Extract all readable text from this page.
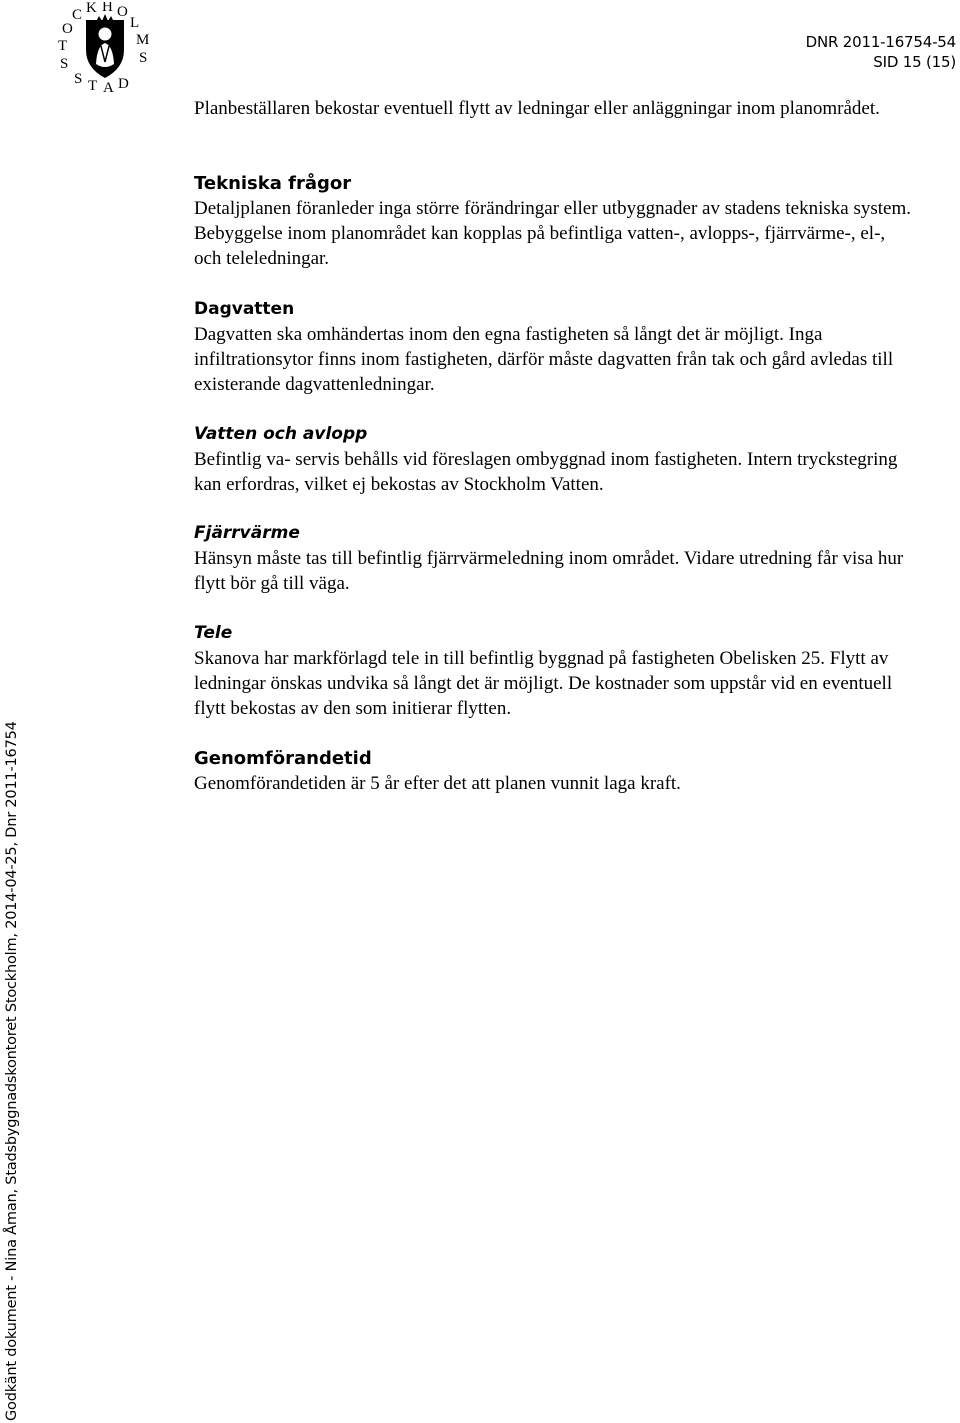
S
T
O
C K H O
L
M
S
S T A D
DNR 2011-16754-54
SID 15 (15)

Planbeställaren bekostar eventuell flytt av ledningar eller anläggningar inom planområdet.

Tekniska frågor

Detaljplanen föranleder inga större förändringar eller utbyggnader av stadens tekniska system. Bebyggelse inom planområdet kan kopplas på befintliga vatten-, avlopps-, fjärrvärme-, el-, och teleledningar.

Dagvatten

Dagvatten ska omhändertas inom den egna fastigheten så långt det är möjligt. Inga infiltrationsytor finns inom fastigheten, därför måste dagvatten från tak och gård avledas till existerande dagvattenledningar.

Vatten och avlopp

Befintlig va- servis behålls vid föreslagen ombyggnad inom fastigheten. Intern tryckstegring kan erfordras, vilket ej bekostas av Stockholm Vatten.

Fjärrvärme

Hänsyn måste tas till befintlig fjärrvärmeledning inom området. Vidare utredning får visa hur flytt bör gå till väga.

Tele

Skanova har markförlagd tele in till befintlig byggnad på fastigheten Obelisken 25. Flytt av ledningar önskas undvika så långt det är möjligt. De kostnader som uppstår vid en eventuell flytt bekostas av den som initierar flytten.

Genomförandetid

Genomförandetiden är 5 år efter det att planen vunnit laga kraft.

Godkänt dokument - Nina Åman, Stadsbyggnadskontoret Stockholm, 2014-04-25, Dnr 2011-16754
